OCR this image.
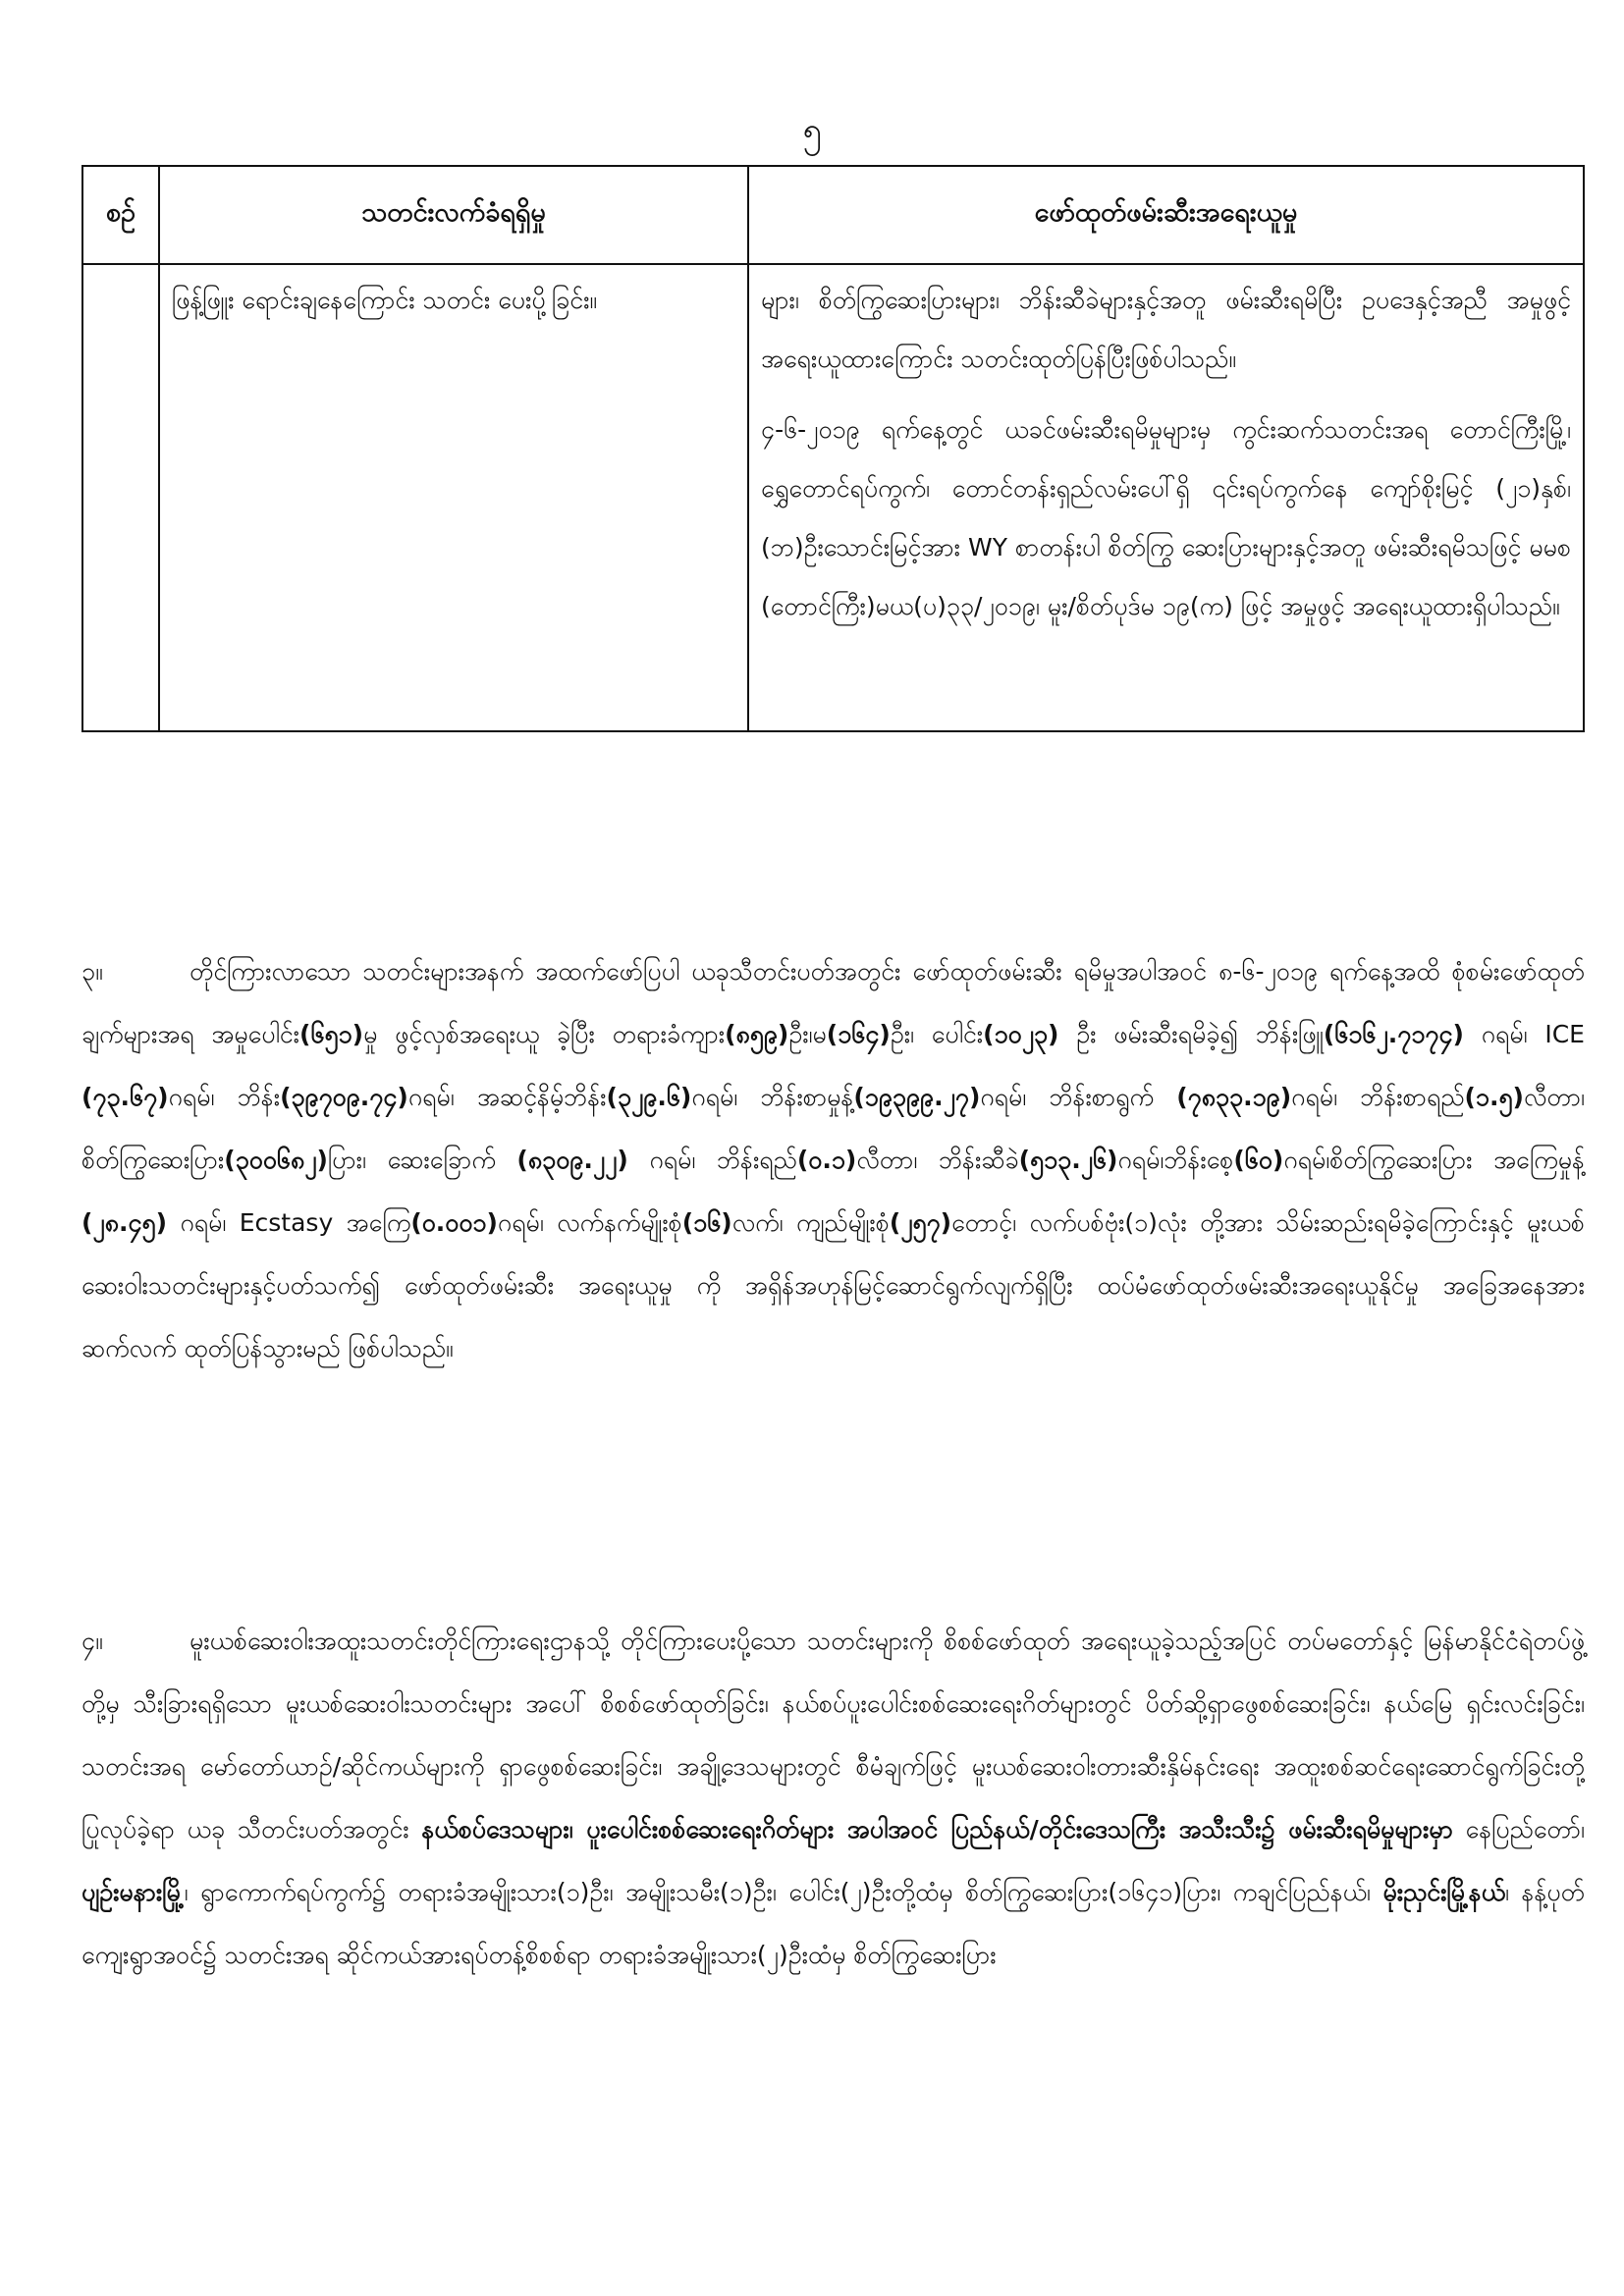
၅
စဉ်	သတင်းလက်ခံရရှိမှု	ဖော်ထုတ်ဖမ်းဆီးအရေးယူမှု
	ဖြန့်ဖြူး ရောင်းချနေကြောင်း သတင်း ပေးပို့ခြင်း။	များ၊ စိတ်ကြွဆေးပြားများ၊ ဘိန်းဆီခဲများနှင့်အတူ ဖမ်းဆီးရမိပြီး ဥပဒေနှင့်အညီ အမှုဖွင့် အရေးယူထားကြောင်း သတင်းထုတ်ပြန်ပြီးဖြစ်ပါသည်။

၄-၆-၂၀၁၉ ရက်နေ့တွင် ယခင်ဖမ်းဆီးရမိမှုများမှ ကွင်းဆက်သတင်းအရ တောင်ကြီးမြို့၊ ရွှေတောင်ရပ်ကွက်၊ တောင်တန်းရှည်လမ်းပေါ်ရှိ ၎င်းရပ်ကွက်နေ ကျော်စိုးမြင့် (၂၁)နှစ်၊ (ဘ)ဦးသောင်းမြင့်အား WY စာတန်းပါ စိတ်ကြွ ဆေးပြားများနှင့်အတူ ဖမ်းဆီးရမိသဖြင့် မမစ (တောင်ကြီး)မယ(ပ)၃၃/၂၀၁၉၊ မူး/စိတ်ပုဒ်မ ၁၉(က) ဖြင့် အမှုဖွင့် အရေးယူထားရှိပါသည်။

၃။	တိုင်ကြားလာသော သတင်းများအနက် အထက်ဖော်ပြပါ ယခုသီတင်းပတ်အတွင်း ဖော်ထုတ်ဖမ်းဆီး ရမိမှုအပါအဝင် ၈-၆-၂၀၁၉ ရက်နေ့အထိ စုံစမ်းဖော်ထုတ်ချက်များအရ အမှုပေါင်း(၆၅၁)မှု ဖွင့်လှစ်အရေးယူ ခဲ့ပြီး တရားခံကျား(၈၅၉)ဦး၊မ(၁၆၄)ဦး၊ ပေါင်း(၁၀၂၃) ဦး ဖမ်းဆီးရမိခဲ့၍ ဘိန်းဖြူ(၆၁၆၂.၇၁၇၄) ဂရမ်၊ ICE (၇၃.၆၇)ဂရမ်၊ ဘိန်း(၃၉၇၀၉.၇၄)ဂရမ်၊ အဆင့်နိမ့်ဘိန်း(၃၂၉.၆)ဂရမ်၊ ဘိန်းစာမှုန့်(၁၉၃၉၉.၂၇)ဂရမ်၊ ဘိန်းစာရွက် (၇၈၃၃.၁၉)ဂရမ်၊ ဘိန်းစာရည်(၁.၅)လီတာ၊ စိတ်ကြွဆေးပြား(၃၀၀၆၈၂)ပြား၊ ဆေးခြောက် (၈၃၀၉.၂၂) ဂရမ်၊ ဘိန်းရည်(၀.၁)လီတာ၊ ဘိန်းဆီခဲ(၅၁၃.၂၆)ဂရမ်၊ဘိန်းစေ့(၆၀)ဂရမ်၊စိတ်ကြွဆေးပြား အကြေမှုန့် (၂၈.၄၅) ဂရမ်၊ Ecstasy အကြေ(၀.၀၀၁)ဂရမ်၊ လက်နက်မျိုးစုံ(၁၆)လက်၊ ကျည်မျိုးစုံ(၂၅၇)တောင့်၊ လက်ပစ်ဗုံး(၁)လုံး တို့အား သိမ်းဆည်းရမိခဲ့ကြောင်းနှင့် မူးယစ်ဆေးဝါးသတင်းများနှင့်ပတ်သက်၍ ဖော်ထုတ်ဖမ်းဆီး အရေးယူမှု ကို အရှိန်အဟုန်မြင့်ဆောင်ရွက်လျက်ရှိပြီး ထပ်မံဖော်ထုတ်ဖမ်းဆီးအရေးယူနိုင်မှု အခြေအနေအား ဆက်လက် ထုတ်ပြန်သွားမည် ဖြစ်ပါသည်။

၄။	မူးယစ်ဆေးဝါးအထူးသတင်းတိုင်ကြားရေးဌာနသို့ တိုင်ကြားပေးပို့သော သတင်းများကို စိစစ်ဖော်ထုတ် အရေးယူခဲ့သည့်အပြင် တပ်မတော်နှင့် မြန်မာနိုင်ငံရဲတပ်ဖွဲ့တို့မှ သီးခြားရရှိသော မူးယစ်ဆေးဝါးသတင်းများ အပေါ် စိစစ်ဖော်ထုတ်ခြင်း၊ နယ်စပ်ပူးပေါင်းစစ်ဆေးရေးဂိတ်များတွင် ပိတ်ဆို့ရှာဖွေစစ်ဆေးခြင်း၊ နယ်မြေ ရှင်းလင်းခြင်း၊ သတင်းအရ မော်တော်ယာဉ်/ဆိုင်ကယ်များကို ရှာဖွေစစ်ဆေးခြင်း၊ အချို့ဒေသများတွင် စီမံချက်ဖြင့် မူးယစ်ဆေးဝါးတားဆီးနှိမ်နင်းရေး အထူးစစ်ဆင်ရေးဆောင်ရွက်ခြင်းတို့ ပြုလုပ်ခဲ့ရာ ယခု သီတင်းပတ်အတွင်း နယ်စပ်ဒေသများ၊ ပူးပေါင်းစစ်ဆေးရေးဂိတ်များ အပါအဝင် ပြည်နယ်/တိုင်းဒေသကြီး အသီးသီး၌ ဖမ်းဆီးရမိမှုများမှာ နေပြည်တော်၊ ပျဉ်းမနားမြို့၊ ရွာကောက်ရပ်ကွက်၌ တရားခံအမျိုးသား(၁)ဦး၊ အမျိုးသမီး(၁)ဦး၊ ပေါင်း(၂)ဦးတို့ထံမှ စိတ်ကြွဆေးပြား(၁၆၄၁)ပြား၊ ကချင်ပြည်နယ်၊ မိုးညှင်းမြို့နယ်၊ နန့်ပုတ် ကျေးရွာအဝင်၌ သတင်းအရ ဆိုင်ကယ်အားရပ်တန့်စိစစ်ရာ တရားခံအမျိုးသား(၂)ဦးထံမှ စိတ်ကြွဆေးပြား
